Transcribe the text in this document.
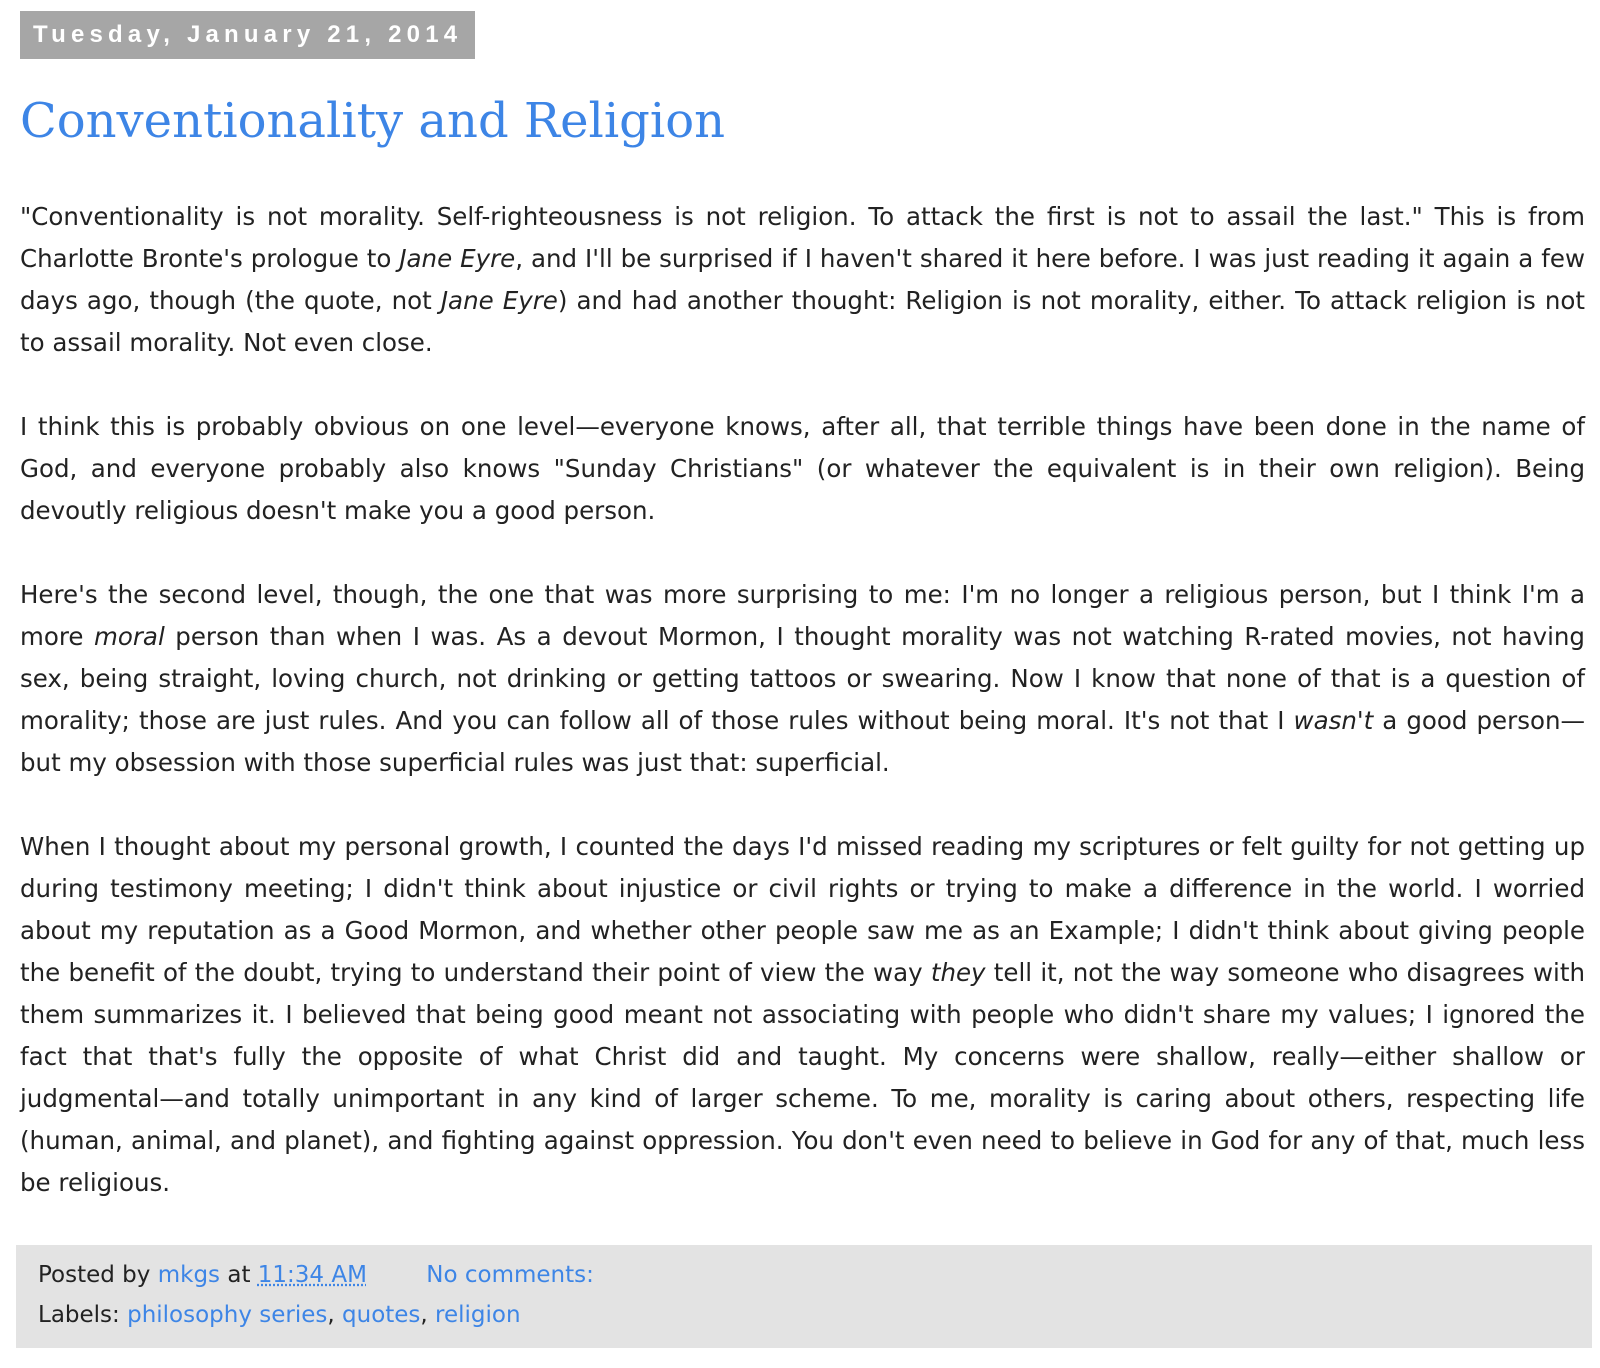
Tuesday, January 21, 2014
Conventionality and Religion

"Conventionality is not morality. Self-righteousness is not religion. To attack the first is not to assail the last." This is from Charlotte Bronte's prologue to Jane Eyre, and I'll be surprised if I haven't shared it here before. I was just reading it again a few days ago, though (the quote, not Jane Eyre) and had another thought: Religion is not morality, either. To attack religion is not to assail morality. Not even close.

I think this is probably obvious on one level—everyone knows, after all, that terrible things have been done in the name of God, and everyone probably also knows "Sunday Christians" (or whatever the equivalent is in their own religion). Being devoutly religious doesn't make you a good person.

Here's the second level, though, the one that was more surprising to me: I'm no longer a religious person, but I think I'm a more moral person than when I was. As a devout Mormon, I thought morality was not watching R-rated movies, not having sex, being straight, loving church, not drinking or getting tattoos or swearing. Now I know that none of that is a question of morality; those are just rules. And you can follow all of those rules without being moral. It's not that I wasn't a good person—but my obsession with those superficial rules was just that: superficial.

When I thought about my personal growth, I counted the days I'd missed reading my scriptures or felt guilty for not getting up during testimony meeting; I didn't think about injustice or civil rights or trying to make a difference in the world. I worried about my reputation as a Good Mormon, and whether other people saw me as an Example; I didn't think about giving people the benefit of the doubt, trying to understand their point of view the way they tell it, not the way someone who disagrees with them summarizes it. I believed that being good meant not associating with people who didn't share my values; I ignored the fact that that's fully the opposite of what Christ did and taught. My concerns were shallow, really—either shallow or judgmental—and totally unimportant in any kind of larger scheme. To me, morality is caring about others, respecting life (human, animal, and planet), and fighting against oppression. You don't even need to believe in God for any of that, much less be religious.

Posted by mkgs at 11:34 AM	No comments:
Labels: philosophy series, quotes, religion
